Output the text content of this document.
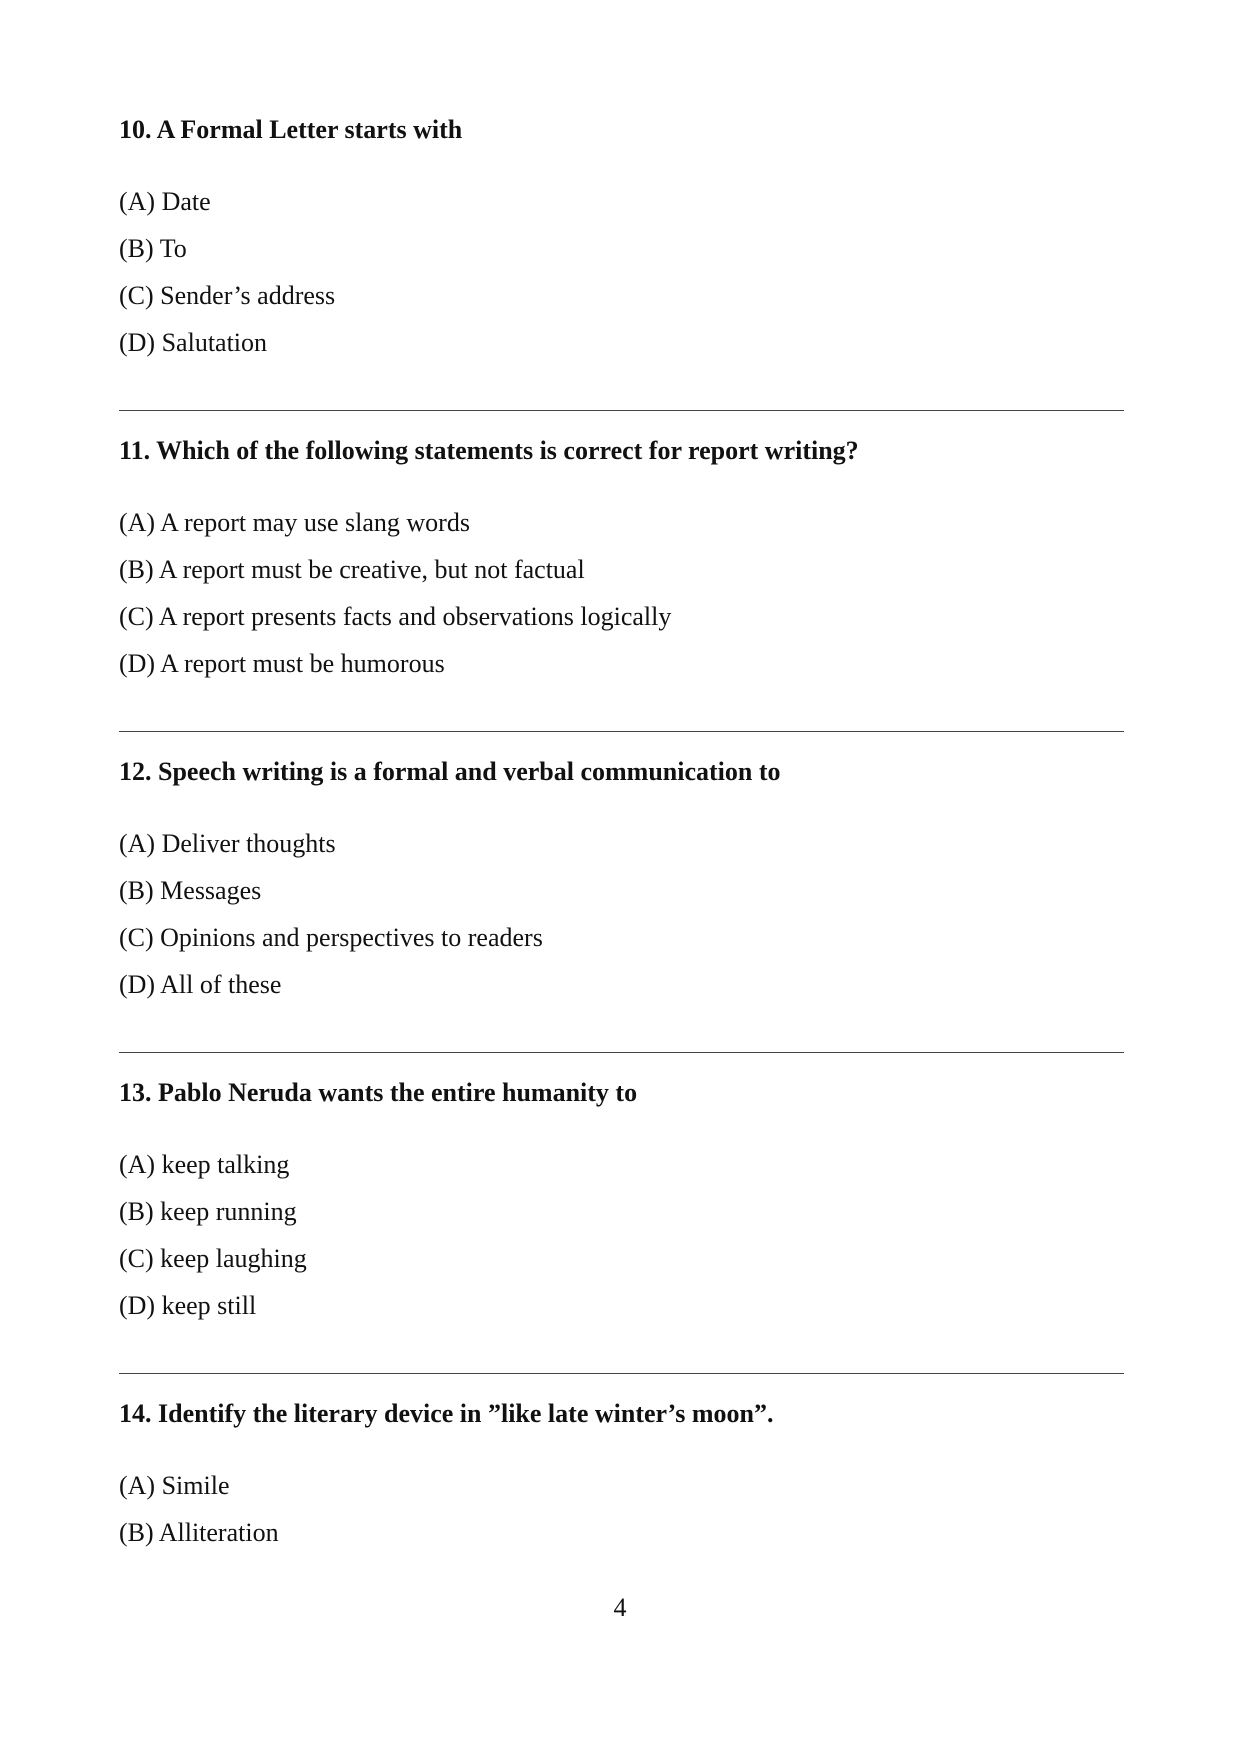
10. A Formal Letter starts with
(A) Date
(B) To
(C) Sender’s address
(D) Salutation
11. Which of the following statements is correct for report writing?
(A) A report may use slang words
(B) A report must be creative, but not factual
(C) A report presents facts and observations logically
(D) A report must be humorous
12. Speech writing is a formal and verbal communication to
(A) Deliver thoughts
(B) Messages
(C) Opinions and perspectives to readers
(D) All of these
13. Pablo Neruda wants the entire humanity to
(A) keep talking
(B) keep running
(C) keep laughing
(D) keep still
14. Identify the literary device in ”like late winter’s moon”.
(A) Simile
(B) Alliteration
4
